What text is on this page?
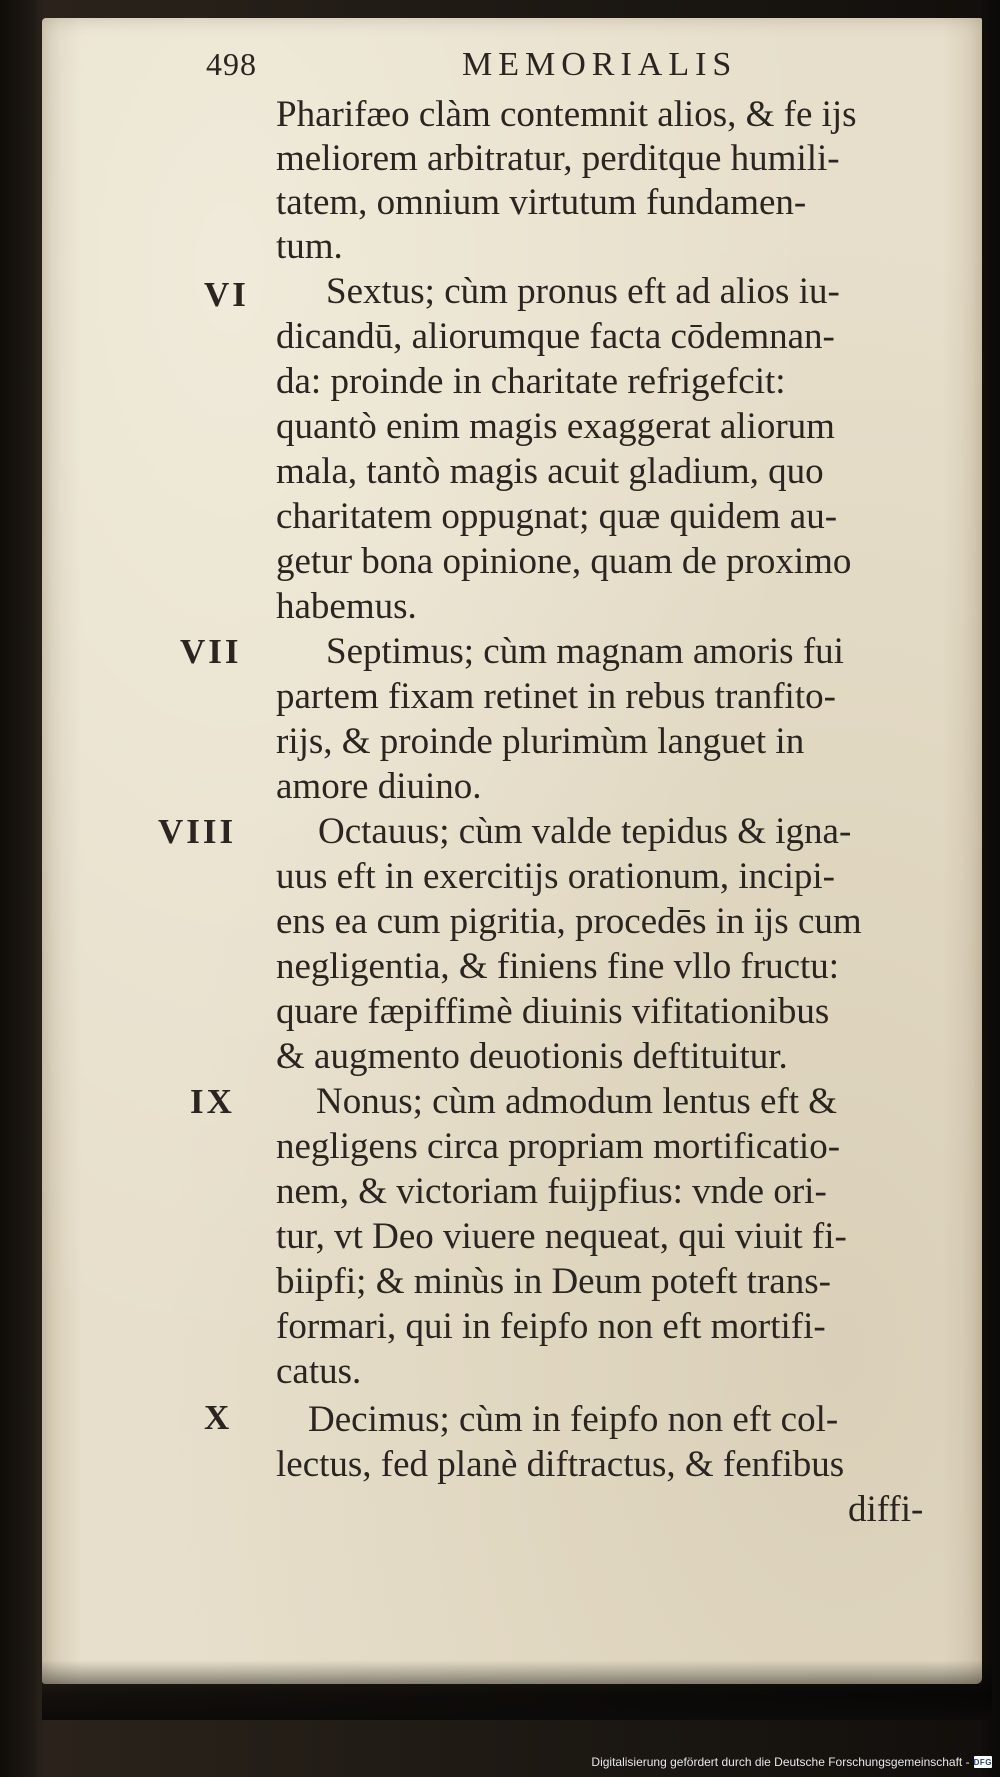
498	MEMORIALIS
Pharifæo clàm contemnit alios, & fe ijs
meliorem arbitratur, perditque humili-
tatem, omnium virtutum fundamen-
tum.
Sextus; cùm pronus eft ad alios iu-
dicandū, aliorumque facta cōdemnan-
da: proinde in charitate refrigefcit:
quantò enim magis exaggerat aliorum
mala, tantò magis acuit gladium, quo
charitatem oppugnat; quæ quidem au-
getur bona opinione, quam de proximo
habemus.
Septimus; cùm magnam amoris fui
partem fixam retinet in rebus tranfito-
rijs, & proinde plurimùm languet in
amore diuino.
Octauus; cùm valde tepidus & igna-
uus eft in exercitijs orationum, incipi-
ens ea cum pigritia, procedēs in ijs cum
negligentia, & finiens fine vllo fructu:
quare fæpiffimè diuinis vifitationibus
& augmento deuotionis deftituitur.
Nonus; cùm admodum lentus eft &
negligens circa propriam mortificatio-
nem, & victoriam fuijpfius: vnde ori-
tur, vt Deo viuere nequeat, qui viuit fi-
biipfi; & minùs in Deum poteft trans-
formari, qui in feipfo non eft mortifi-
catus.
Decimus; cùm in feipfo non eft col-
lectus, fed planè diftractus, & fenfibus
diffi-
VI
VII
VIII
IX
X
Digitalisierung gefördert durch die Deutsche Forschungsgemeinschaft - DFG
